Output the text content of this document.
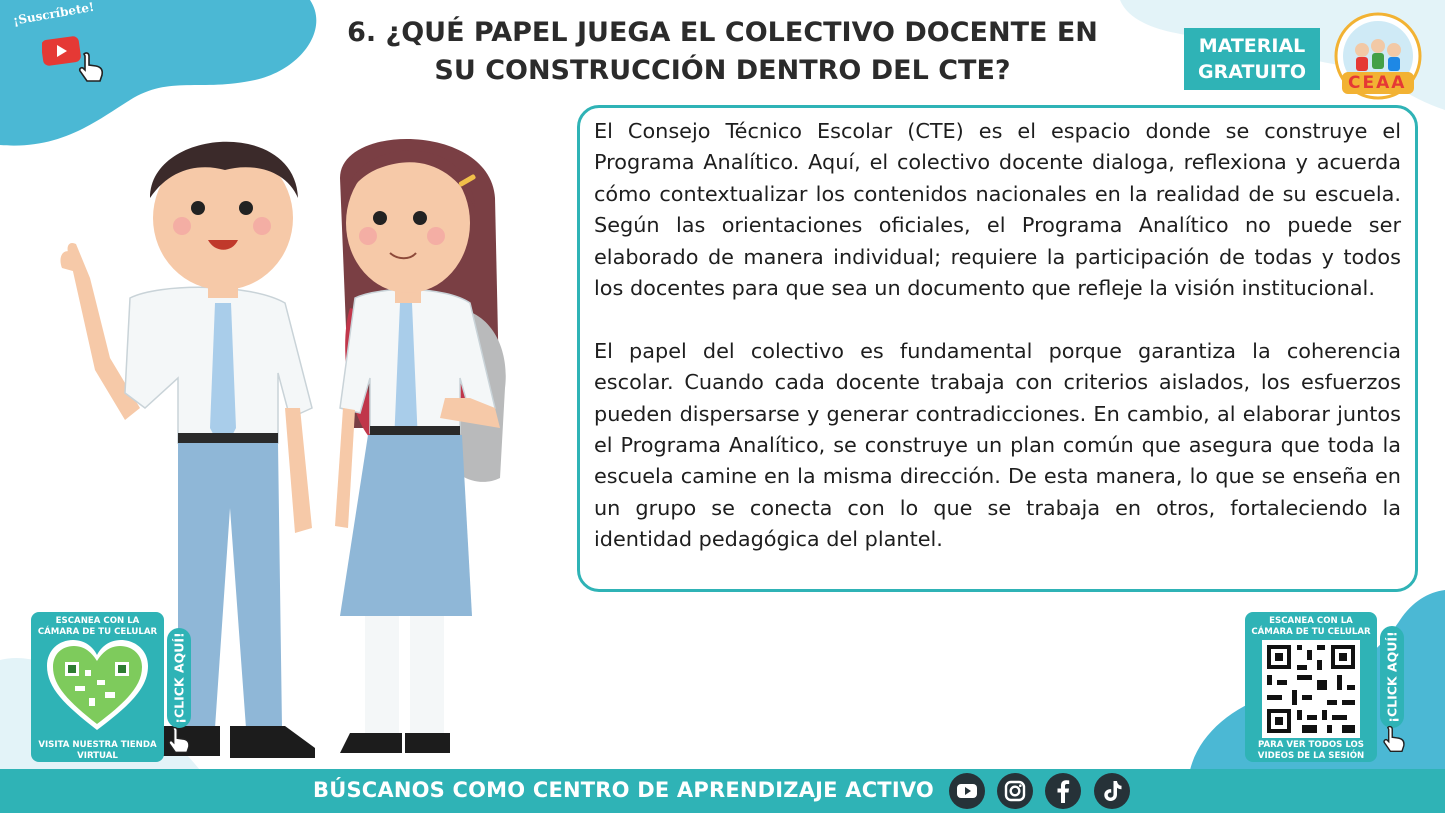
¡Suscríbete!
6. ¿QUÉ PAPEL JUEGA EL COLECTIVO DOCENTE EN
SU CONSTRUCCIÓN DENTRO DEL CTE?
MATERIAL
GRATUITO	CEAA

El Consejo Técnico Escolar (CTE) es el espacio donde se construye el Programa Analítico. Aquí, el colectivo docente dialoga, reflexiona y acuerda cómo contextualizar los contenidos nacionales en la realidad de su escuela. Según las orientaciones oficiales, el Programa Analítico no puede ser elaborado de manera individual; requiere la participación de todas y todos los docentes para que sea un documento que refleje la visión institucional.

El papel del colectivo es fundamental porque garantiza la coherencia escolar. Cuando cada docente trabaja con criterios aislados, los esfuerzos pueden dispersarse y generar contradicciones. En cambio, al elaborar juntos el Programa Analítico, se construye un plan común que asegura que toda la escuela camine en la misma dirección. De esta manera, lo que se enseña en un grupo se conecta con lo que se trabaja en otros, fortaleciendo la identidad pedagógica del plantel.

ESCANEA CON LA
CÁMARA DE TU CELULAR
VISITA NUESTRA TIENDA
VIRTUAL
¡CLICK AQUÍ!
ESCANEA CON LA
CÁMARA DE TU CELULAR
PARA VER TODOS LOS
VIDEOS DE LA SESIÓN
¡CLICK AQUÍ!
BÚSCANOS COMO CENTRO DE APRENDIZAJE ACTIVO
